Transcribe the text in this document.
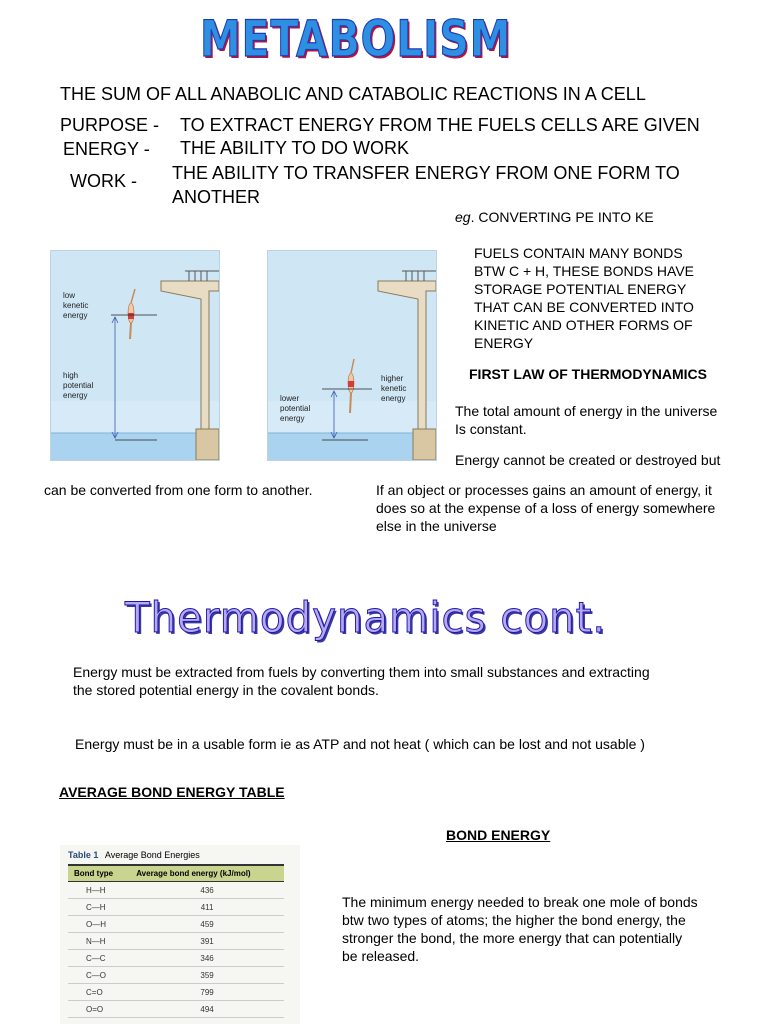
METABOLISM
THE SUM OF ALL ANABOLIC AND CATABOLIC REACTIONS IN A CELL
PURPOSE - TO EXTRACT ENERGY FROM THE FUELS CELLS ARE GIVEN
ENERGY - THE ABILITY TO DO WORK
WORK - THE ABILITY TO TRANSFER ENERGY FROM ONE FORM TO
ANOTHER
eg. CONVERTING PE INTO KE
FUELS CONTAIN MANY BONDS
BTW C + H, THESE BONDS HAVE
STORAGE POTENTIAL ENERGY
THAT CAN BE CONVERTED INTO
KINETIC AND OTHER FORMS OF
ENERGY
low
kenetic
energy
high
potential
energy
higher
kenetic
energy
lower
potential
energy
FIRST LAW OF THERMODYNAMICS
The total amount of energy in the universe
Is constant.
Energy cannot be created or destroyed but
can be converted from one form to another.	If an object or processes gains an amount of energy, it
does so at the expense of a loss of energy somewhere
else in the universe
Thermodynamics cont.
Energy must be extracted from fuels by converting them into small substances and extracting
the stored potential energy in the covalent bonds.
Energy must be in a usable form ie as ATP and not heat ( which can be lost and not usable )
AVERAGE BOND ENERGY TABLE
BOND ENERGY
Table 1 Average Bond Energies
Bond type	Average bond energy (kJ/mol)
H—H	436
C—H	411
O—H	459
N—H	391
C—C	346
C—O	359
C=O	799
O=O	494
The minimum energy needed to break one mole of bonds
btw two types of atoms; the higher the bond energy, the
stronger the bond, the more energy that can potentially
be released.
